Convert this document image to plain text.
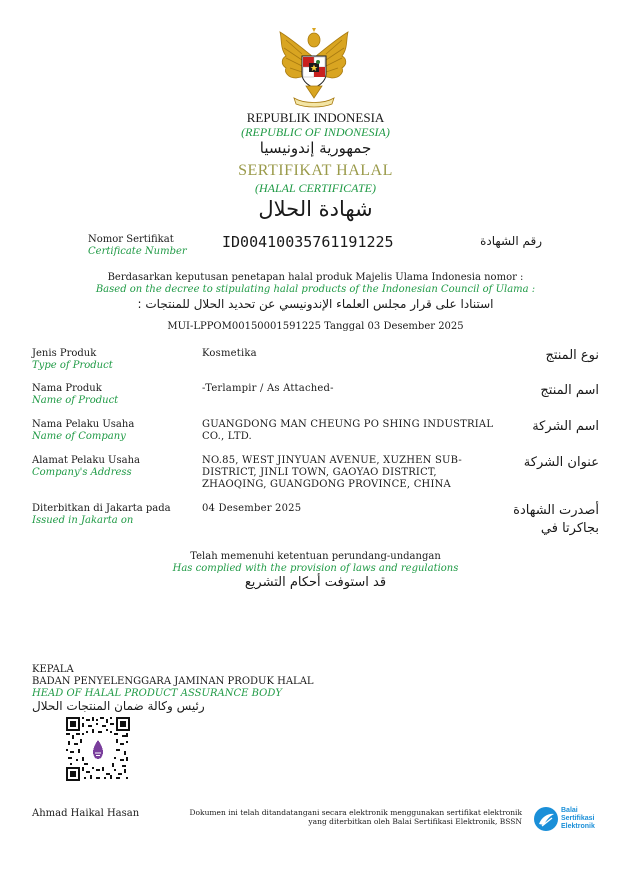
REPUBLIK INDONESIA
(REPUBLIC OF INDONESIA)
جمهورية إندونيسيا
SERTIFIKAT HALAL
(HALAL CERTIFICATE)
شهادة الحلال
Nomor Sertifikat
Certificate Number
ID00410035761191225	رقم الشهادة
Berdasarkan keputusan penetapan halal produk Majelis Ulama Indonesia nomor :
Based on the decree to stipulating halal products of the Indonesian Council of Ulama :
استنادا على قرار مجلس العلماء الإندونيسي عن تحديد الحلال للمنتجات :
MUI-LPPOM00150001591225 Tanggal 03 Desember 2025
Jenis Produk
Type of Product
Kosmetika	نوع المنتج
Nama Produk
Name of Product
-Terlampir / As Attached-	اسم المنتج
Nama Pelaku Usaha
Name of Company
GUANGDONG MAN CHEUNG PO SHING INDUSTRIAL
CO., LTD.
اسم الشركة
Alamat Pelaku Usaha
Company's Address
NO.85, WEST JINYUAN AVENUE, XUZHEN SUB-
DISTRICT, JINLI TOWN, GAOYAO DISTRICT,
ZHAOQING, GUANGDONG PROVINCE, CHINA
عنوان الشركة
Diterbitkan di Jakarta pada
Issued in Jakarta on
04 Desember 2025	أصدرت الشهادة
بجاكرتا في
Telah memenuhi ketentuan perundang-undangan
Has complied with the provision of laws and regulations
قد استوفت أحكام التشريع
KEPALA
BADAN PENYELENGGARA JAMINAN PRODUK HALAL
HEAD OF HALAL PRODUCT ASSURANCE BODY
رئيس وكالة ضمان المنتجات الحلال
Ahmad Haikal Hasan	Dokumen ini telah ditandatangani secara elektronik menggunakan sertifikat elektronik
yang diterbitkan oleh Balai Sertifikasi Elektronik, BSSN
Balai
Sertifikasi
Elektronik
